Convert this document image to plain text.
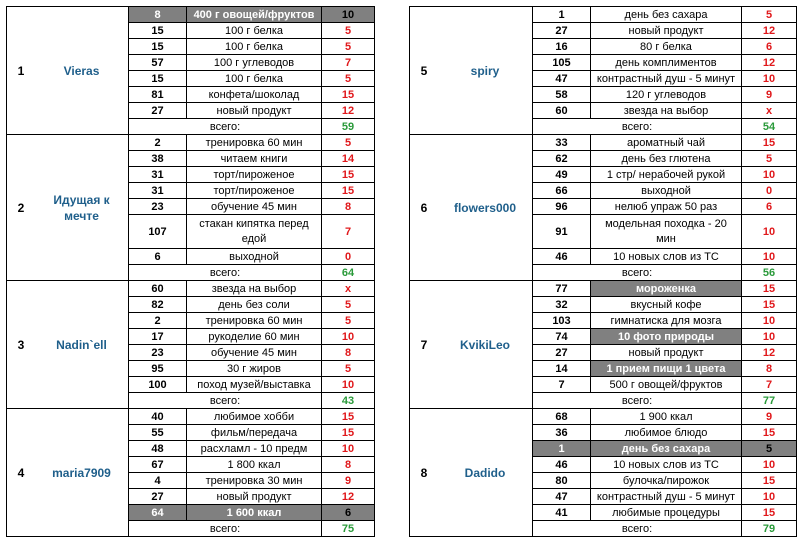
1 Vieras	8	400 г овощей/фруктов	10
	15	100 г белка	5
	15	100 г белка	5
	57	100 г углеводов	7
	15	100 г белка	5
	81	конфета/шоколад	15
	27	новый продукт	12
	всего:		59

2
Идущая к мечте	2	тренировка 60 мин	5
	38	читаем книги	14
	31	торт/пироженое	15
	31	торт/пироженое	15
	23	обучение 45 мин	8
	107	стакан кипятка перед едой	7
	6	выходной	0
	всего:		64

3 Nadin`ell	60	звезда на выбор	x
	82	день без соли	5
	2	тренировка 60 мин	5
	17	рукоделие 60 мин	10
	23	обучение 45 мин	8
	95	30 г жиров	5
	100	поход музей/выставка	10
	всего:		43

4 maria7909	40	любимое хобби	15
	55	фильм/передача	15
	48	расхламл - 10 предм	10
	67	1 800 ккал	8
	4	тренировка 30 мин	9
	27	новый продукт	12
	64	1 600 ккал	6
	всего:		75
5 spiry	1	день без сахара	5
	27	новый продукт	12
	16	80 г белка	6
	105	день комплиментов	12
	47	контрастный душ - 5 минут	10
	58	120 г углеводов	9
	60	звезда на выбор	x
	всего:		54

6 flowers000	33	ароматный чай	15
	62	день без глютена	5
	49	1 стр/ нерабочей рукой	10
	66	выходной	0
	96	нелюб упраж 50 раз	6
	91	модельная походка - 20 мин	10
	46	10 новых слов из ТС	10
	всего:		56

7 KvikiLeo	77	мороженка	15
	32	вкусный кофе	15
	103	гимнатиска для мозга	10
	74	10 фото природы	10
	27	новый продукт	12
	14	1 прием пищи 1 цвета	8
	7	500 г овощей/фруктов	7
	всего:		77

8 Dadido	68	1 900 ккал	9
	36	любимое блюдо	15
	1	день без сахара	5
	46	10 новых слов из ТС	10
	80	булочка/пирожок	15
	47	контрастный душ - 5 минут	10
	41	любимые процедуры	15
	всего:		79
